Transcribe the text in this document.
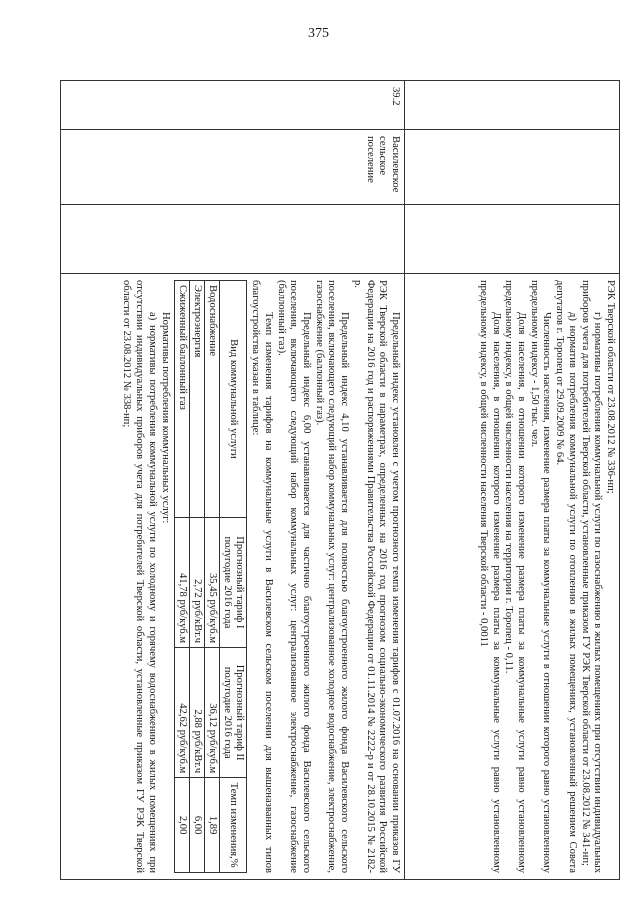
375

РЭК Тверской области от 23.08.2012 № 336-нп;

г) нормативы потребления коммунальной услуги по газоснабжению в жилых помещениях при отсутствии индивидуальных приборов учета для потребителей Тверской области, установленные приказом ГУ РЭК Тверской области от 23.08.2012 № 341-нп;

д) норматив потребления коммунальной услуги по отоплению в жилых помещениях, установленный решением Совета депутатов г. Торопец от 29.09.2009 № 64.

Численность населения, изменение размера платы за коммунальные услуги в отношении которого равно установленному предельному индексу - 1,50 тыс. чел.

Доля населения, в отношении которого изменение размера платы за коммунальные услуги равно установленному предельному индексу, в общей численности населения на территории г. Торопец - 0,11.

Доля населения, в отношении которого изменение размера платы за коммунальные услуги равно установленному предельному индексу, в общей численности населения Тверской области - 0,0011

39.2	Василевское сельское поселение		

Предельный индекс установлен с учетом прогнозного темпа изменения тарифов с 01.07.2016 на основании приказов ГУ РЭК Тверской области в параметрах, определенных на 2016 год прогнозом социально-экономического развития Российской Федерации на 2016 год и распоряжениями Правительства Российской Федерации от 01.11.2014 № 2222-р и от 28.10.2015 № 2182-р.

Предельный индекс 4,10 устанавливается для полностью благоустроенного жилого фонда Василевского сельского поселения, включающего следующий набор коммунальных услуг: централизованное холодное водоснабжение, электроснабжение, газоснабжение (баллонный газ).

Предельный индекс 6,00 устанавливается для частично благоустроенного жилого фонда Василевского сельского поселения, включающего следующий набор коммунальных услуг: централизованное электроснабжение, газоснабжение (баллонный газ).

Темп изменения тарифов на коммунальные услуги в Василевском сельском поселении для вышеназванных типов благоустройства указан в таблице:

Вид коммунальной услуги	Прогнозный тариф I полугодие 2016 года	Прогнозный тариф II полугодие 2016 года	Темп изменения,%
Водоснабжение	35,45 руб/куб.м	36,12 руб/куб.м	1,89
Электроэнергия	2,72 руб/кВт.ч	2,88 руб/кВт.ч	6,00
Сжиженный баллонный газ	41,78 руб/куб.м	42,62 руб/куб.м	2,00

Нормативы потребления коммунальных услуг:

а) нормативы потребления коммунальной услуги по холодному и горячему водоснабжению в жилых помещениях при отсутствии индивидуальных приборов учета для потребителей Тверской области, установленные приказом ГУ РЭК Тверской области от 23.08.2012 № 338-нп;
